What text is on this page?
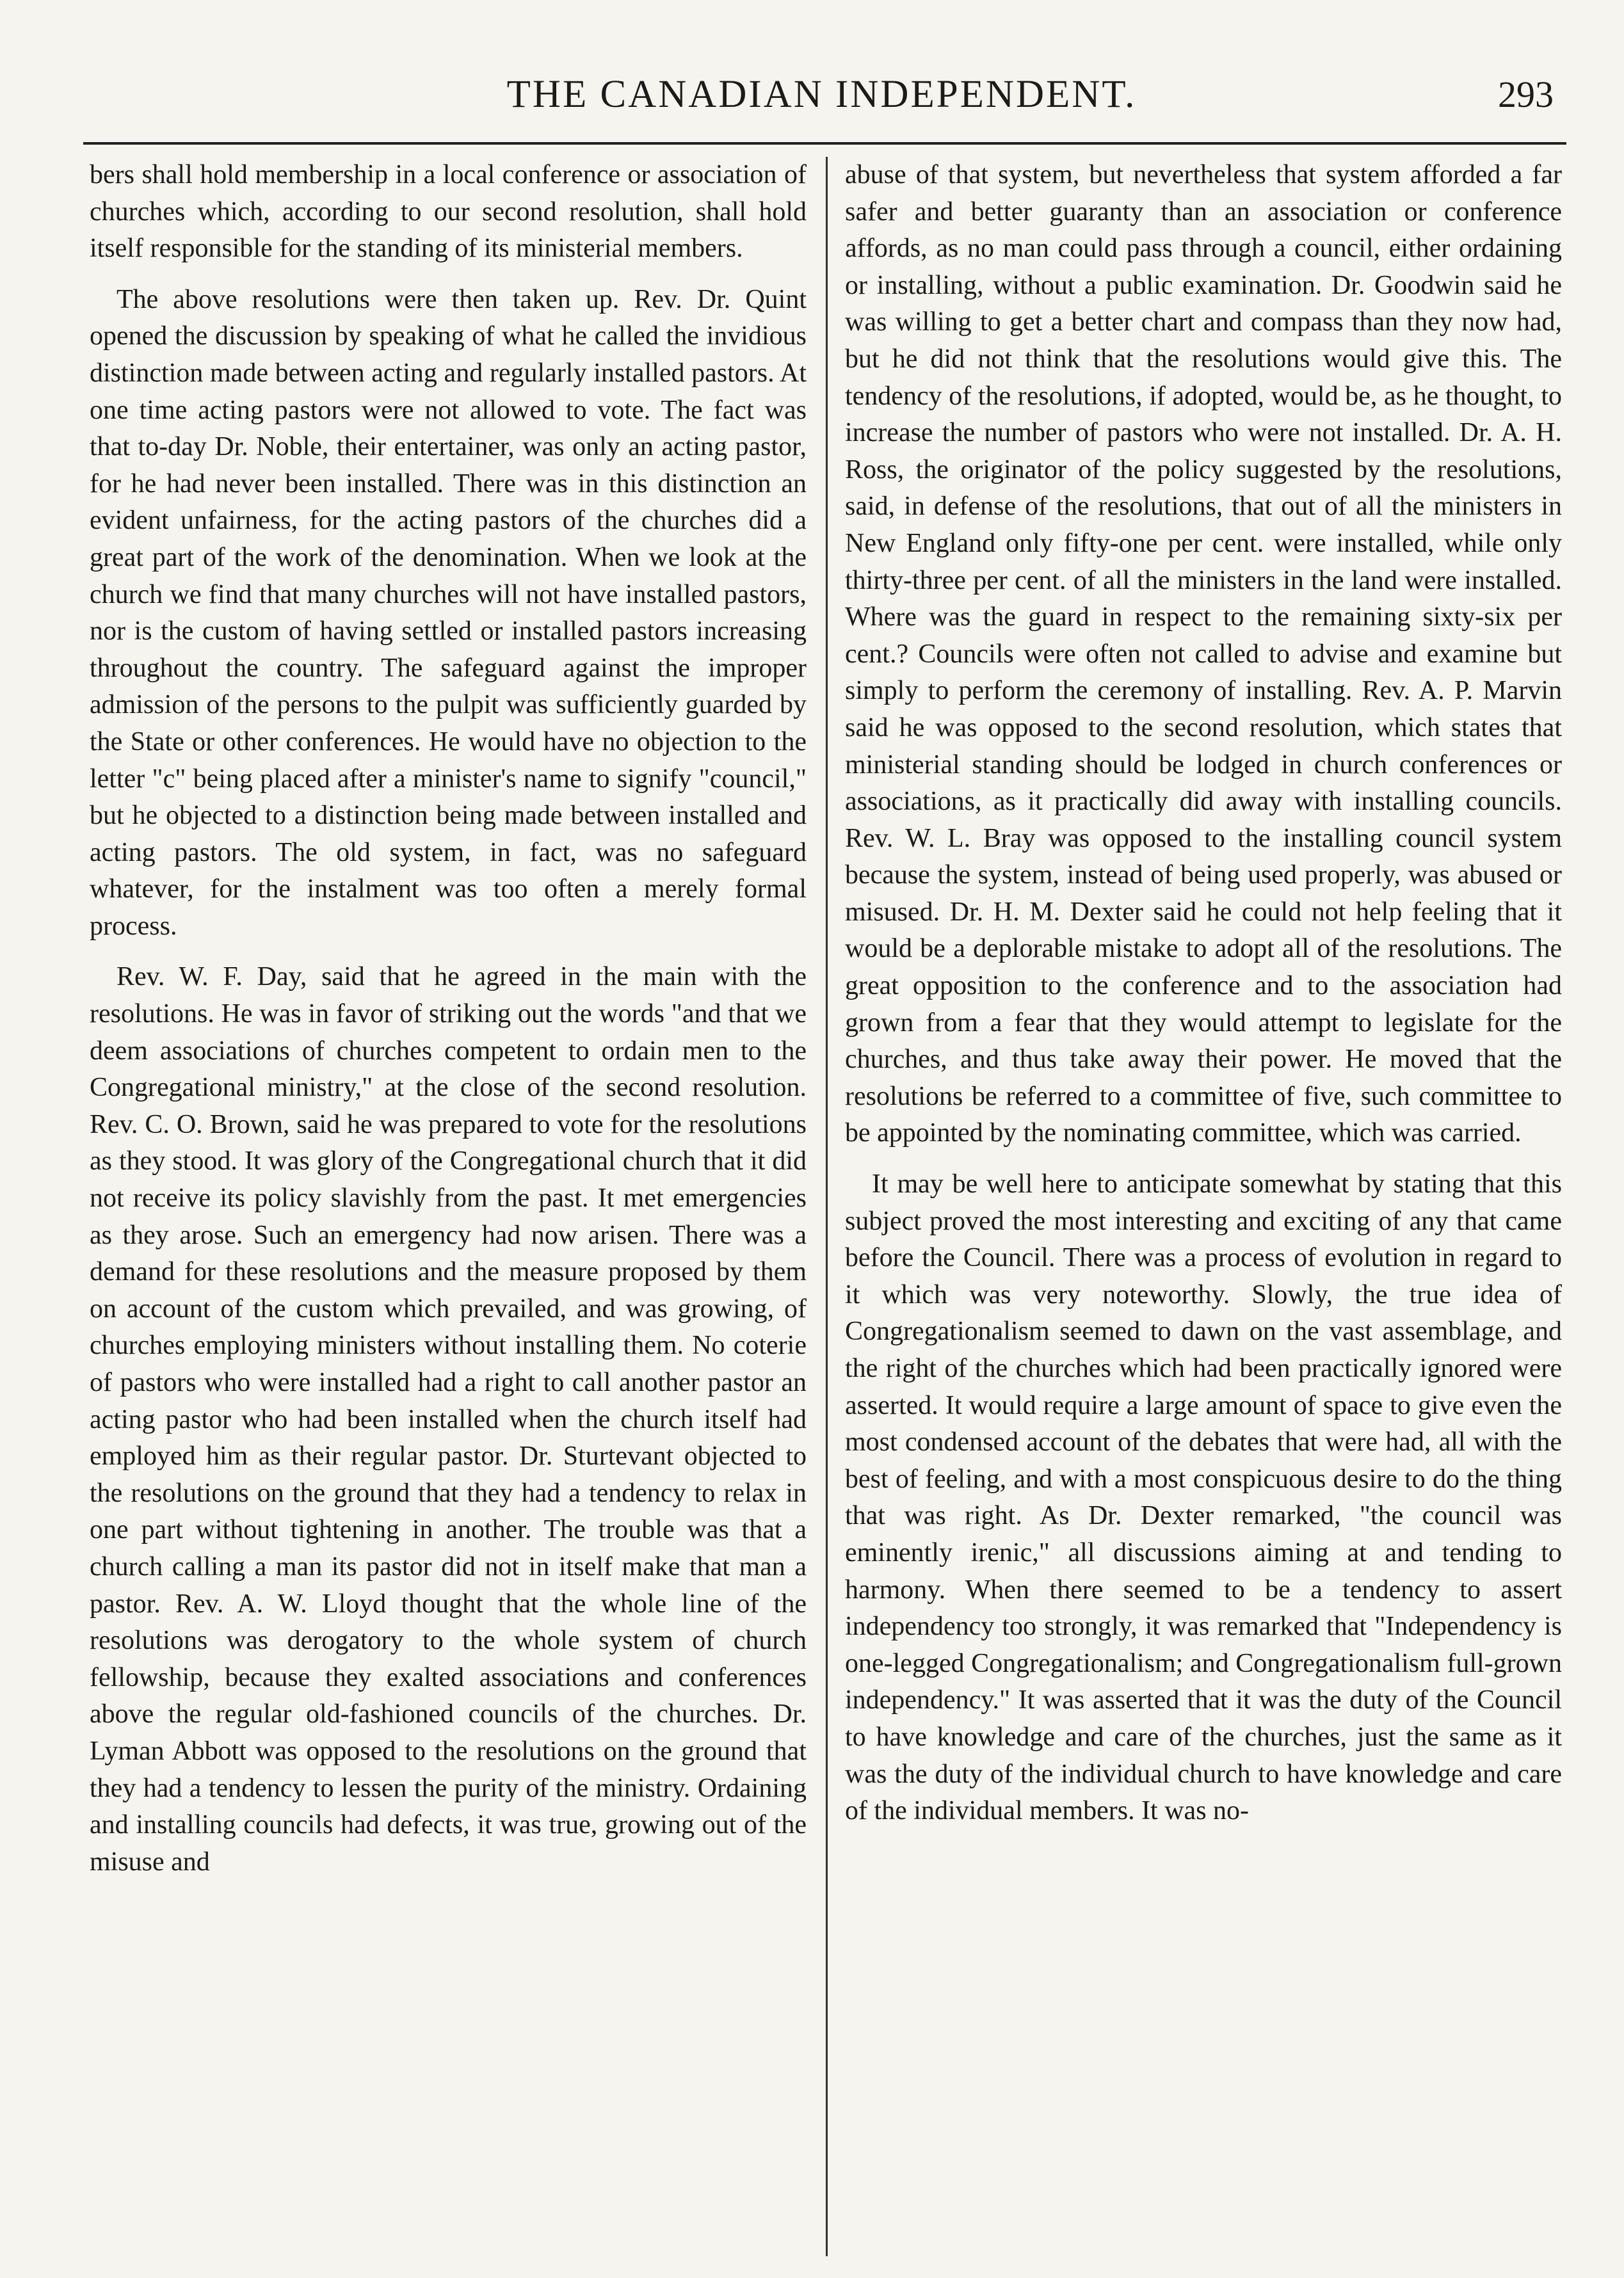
THE CANADIAN INDEPENDENT.	293

bers shall hold membership in a local conference or association of churches which, according to our second resolution, shall hold itself responsible for the standing of its ministerial members.

The above resolutions were then taken up. Rev. Dr. Quint opened the discussion by speaking of what he called the invidious distinction made between acting and regularly installed pastors. At one time acting pastors were not allowed to vote. The fact was that to-day Dr. Noble, their entertainer, was only an acting pastor, for he had never been installed. There was in this distinction an evident unfairness, for the acting pastors of the churches did a great part of the work of the denomination. When we look at the church we find that many churches will not have installed pastors, nor is the custom of having settled or installed pastors increasing throughout the country. The safeguard against the improper admission of the persons to the pulpit was sufficiently guarded by the State or other conferences. He would have no objection to the letter "c" being placed after a minister's name to signify "council," but he objected to a distinction being made between installed and acting pastors. The old system, in fact, was no safeguard whatever, for the instalment was too often a merely formal process.

Rev. W. F. Day, said that he agreed in the main with the resolutions. He was in favor of striking out the words "and that we deem associations of churches competent to ordain men to the Congregational ministry," at the close of the second resolution. Rev. C. O. Brown, said he was prepared to vote for the resolutions as they stood. It was glory of the Congregational church that it did not receive its policy slavishly from the past. It met emergencies as they arose. Such an emergency had now arisen. There was a demand for these resolutions and the measure proposed by them on account of the custom which prevailed, and was growing, of churches employing ministers without installing them. No coterie of pastors who were installed had a right to call another pastor an acting pastor who had been installed when the church itself had employed him as their regular pastor. Dr. Sturtevant objected to the resolutions on the ground that they had a tendency to relax in one part without tightening in another. The trouble was that a church calling a man its pastor did not in itself make that man a pastor. Rev. A. W. Lloyd thought that the whole line of the resolutions was derogatory to the whole system of church fellowship, because they exalted associations and conferences above the regular old-fashioned councils of the churches. Dr. Lyman Abbott was opposed to the resolutions on the ground that they had a tendency to lessen the purity of the ministry. Ordaining and installing councils had defects, it was true, growing out of the misuse and

abuse of that system, but nevertheless that system afforded a far safer and better guaranty than an association or conference affords, as no man could pass through a council, either ordaining or installing, without a public examination. Dr. Goodwin said he was willing to get a better chart and compass than they now had, but he did not think that the resolutions would give this. The tendency of the resolutions, if adopted, would be, as he thought, to increase the number of pastors who were not installed. Dr. A. H. Ross, the originator of the policy suggested by the resolutions, said, in defense of the resolutions, that out of all the ministers in New England only fifty-one per cent. were installed, while only thirty-three per cent. of all the ministers in the land were installed. Where was the guard in respect to the remaining sixty-six per cent.? Councils were often not called to advise and examine but simply to perform the ceremony of installing. Rev. A. P. Marvin said he was opposed to the second resolution, which states that ministerial standing should be lodged in church conferences or associations, as it practically did away with installing councils. Rev. W. L. Bray was opposed to the installing council system because the system, instead of being used properly, was abused or misused. Dr. H. M. Dexter said he could not help feeling that it would be a deplorable mistake to adopt all of the resolutions. The great opposition to the conference and to the association had grown from a fear that they would attempt to legislate for the churches, and thus take away their power. He moved that the resolutions be referred to a committee of five, such committee to be appointed by the nominating committee, which was carried.

It may be well here to anticipate somewhat by stating that this subject proved the most interesting and exciting of any that came before the Council. There was a process of evolution in regard to it which was very noteworthy. Slowly, the true idea of Congregationalism seemed to dawn on the vast assemblage, and the right of the churches which had been practically ignored were asserted. It would require a large amount of space to give even the most condensed account of the debates that were had, all with the best of feeling, and with a most conspicuous desire to do the thing that was right. As Dr. Dexter remarked, "the council was eminently irenic," all discussions aiming at and tending to harmony. When there seemed to be a tendency to assert independency too strongly, it was remarked that "Independency is one-legged Congregationalism; and Congregationalism full-grown independency." It was asserted that it was the duty of the Council to have knowledge and care of the churches, just the same as it was the duty of the individual church to have knowledge and care of the individual members. It was no-
